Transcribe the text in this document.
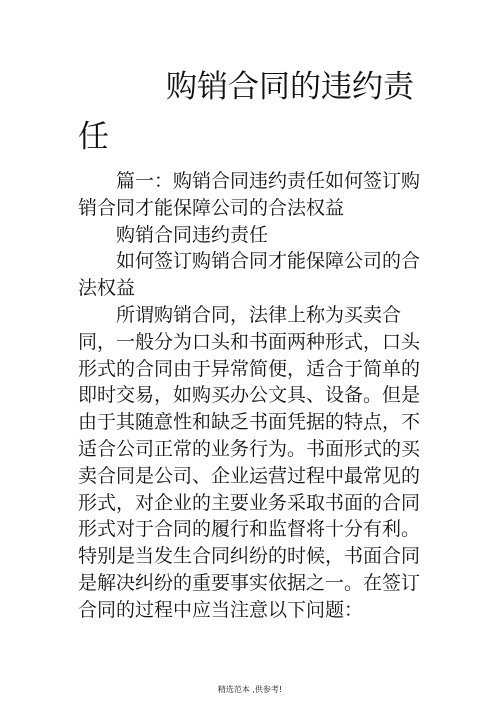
购销合同的违约责任

篇一：购销合同违约责任如何签订购销合同才能保障公司的合法权益

购销合同违约责任

如何签订购销合同才能保障公司的合法权益

所谓购销合同，法律上称为买卖合同，一般分为口头和书面两种形式，口头形式的合同由于异常简便，适合于简单的即时交易，如购买办公文具、设备。但是由于其随意性和缺乏书面凭据的特点，不适合公司正常的业务行为。书面形式的买卖合同是公司、企业运营过程中最常见的形式，对企业的主要业务采取书面的合同形式对于合同的履行和监督将十分有利。特别是当发生合同纠纷的时候，书面合同是解决纠纷的重要事实依据之一。在签订合同的过程中应当注意以下问题：

精选范本 ,供参考!
